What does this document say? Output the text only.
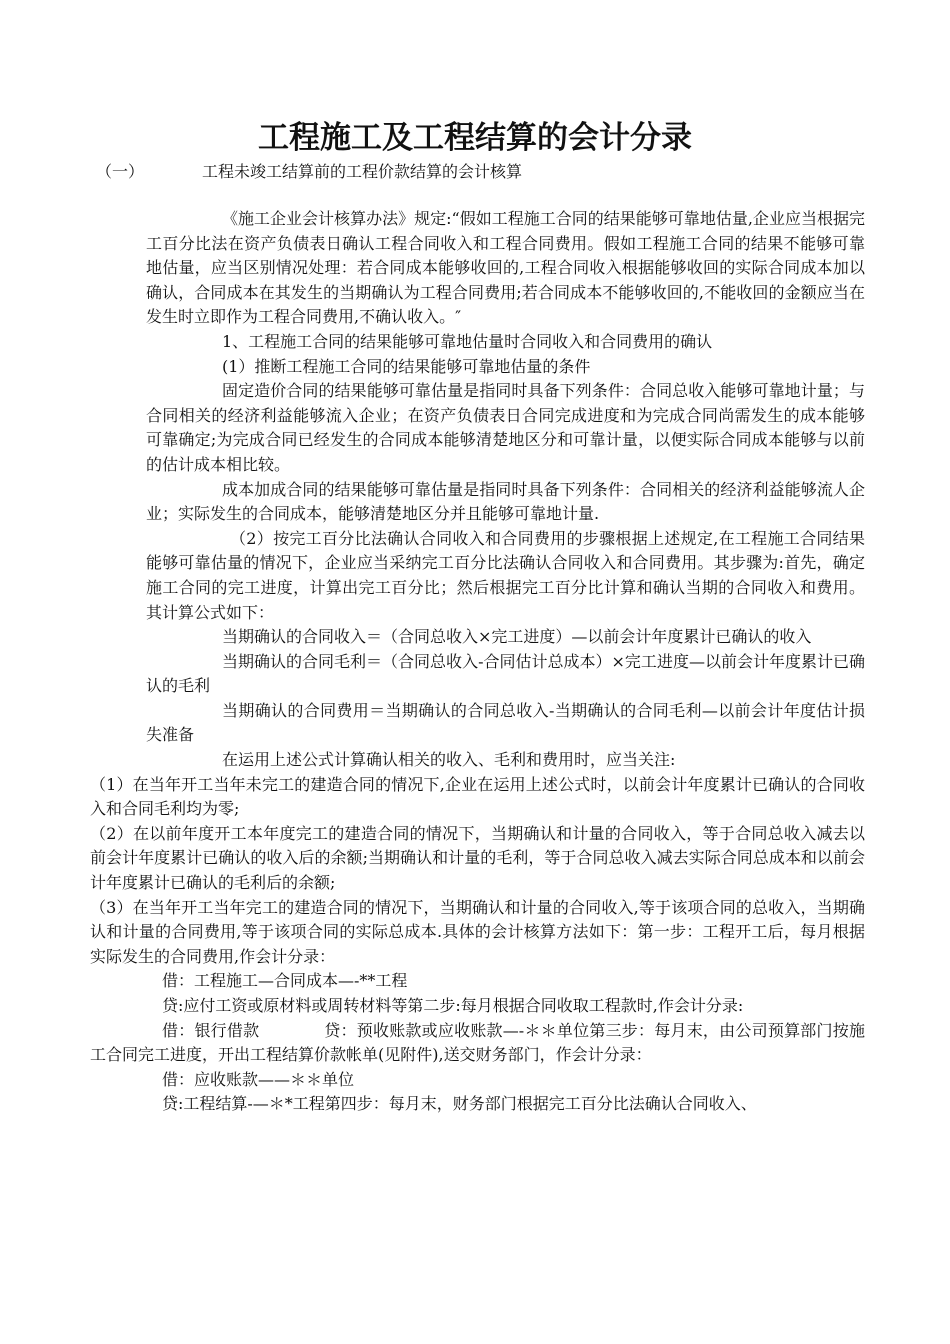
工程施工及工程结算的会计分录
（一）	工程未竣工结算前的工程价款结算的会计核算

《施工企业会计核算办法》规定:“假如工程施工合同的结果能够可靠地估量,企业应当根据完工百分比法在资产负债表日确认工程合同收入和工程合同费用。假如工程施工合同的结果不能够可靠地估量，应当区别情况处理：若合同成本能够收回的,工程合同收入根据能够收回的实际合同成本加以确认，合同成本在其发生的当期确认为工程合同费用;若合同成本不能够收回的,不能收回的金额应当在发生时立即作为工程合同费用,不确认收入。″

1、工程施工合同的结果能够可靠地估量时合同收入和合同费用的确认

(1）推断工程施工合同的结果能够可靠地估量的条件

固定造价合同的结果能够可靠估量是指同时具备下列条件：合同总收入能够可靠地计量；与合同相关的经济利益能够流入企业；在资产负债表日合同完成进度和为完成合同尚需发生的成本能够可靠确定;为完成合同已经发生的合同成本能够清楚地区分和可靠计量，以便实际合同成本能够与以前的估计成本相比较。

成本加成合同的结果能够可靠估量是指同时具备下列条件：合同相关的经济利益能够流人企业；实际发生的合同成本，能够清楚地区分并且能够可靠地计量.

（2）按完工百分比法确认合同收入和合同费用的步骤根据上述规定,在工程施工合同结果能够可靠估量的情况下，企业应当采纳完工百分比法确认合同收入和合同费用。其步骤为:首先，确定施工合同的完工进度，计算出完工百分比；然后根据完工百分比计算和确认当期的合同收入和费用。其计算公式如下：

当期确认的合同收入＝（合同总收入×完工进度）—以前会计年度累计已确认的收入

当期确认的合同毛利＝（合同总收入-合同估计总成本）×完工进度—以前会计年度累计已确认的毛利

当期确认的合同费用＝当期确认的合同总收入-当期确认的合同毛利—以前会计年度估计损失准备

在运用上述公式计算确认相关的收入、毛利和费用时，应当关注:

（1）在当年开工当年未完工的建造合同的情况下,企业在运用上述公式时，以前会计年度累计已确认的合同收入和合同毛利均为零;

（2）在以前年度开工本年度完工的建造合同的情况下，当期确认和计量的合同收入，等于合同总收入减去以前会计年度累计已确认的收入后的余额;当期确认和计量的毛利，等于合同总收入减去实际合同总成本和以前会计年度累计已确认的毛利后的余额;

（3）在当年开工当年完工的建造合同的情况下，当期确认和计量的合同收入,等于该项合同的总收入，当期确认和计量的合同费用,等于该项合同的实际总成本.具体的会计核算方法如下：第一步：工程开工后，每月根据实际发生的合同费用,作会计分录：

借：工程施工—合同成本—-**工程

贷:应付工资或原材料或周转材料等第二步:每月根据合同收取工程款时,作会计分录:

借：银行借款　　　　贷：预收账款或应收账款—-＊＊单位第三步：每月末，由公司预算部门按施工合同完工进度，开出工程结算价款帐单(见附件),送交财务部门，作会计分录：

借：应收账款——＊＊单位

贷:工程结算-—＊*工程第四步：每月末，财务部门根据完工百分比法确认合同收入、
